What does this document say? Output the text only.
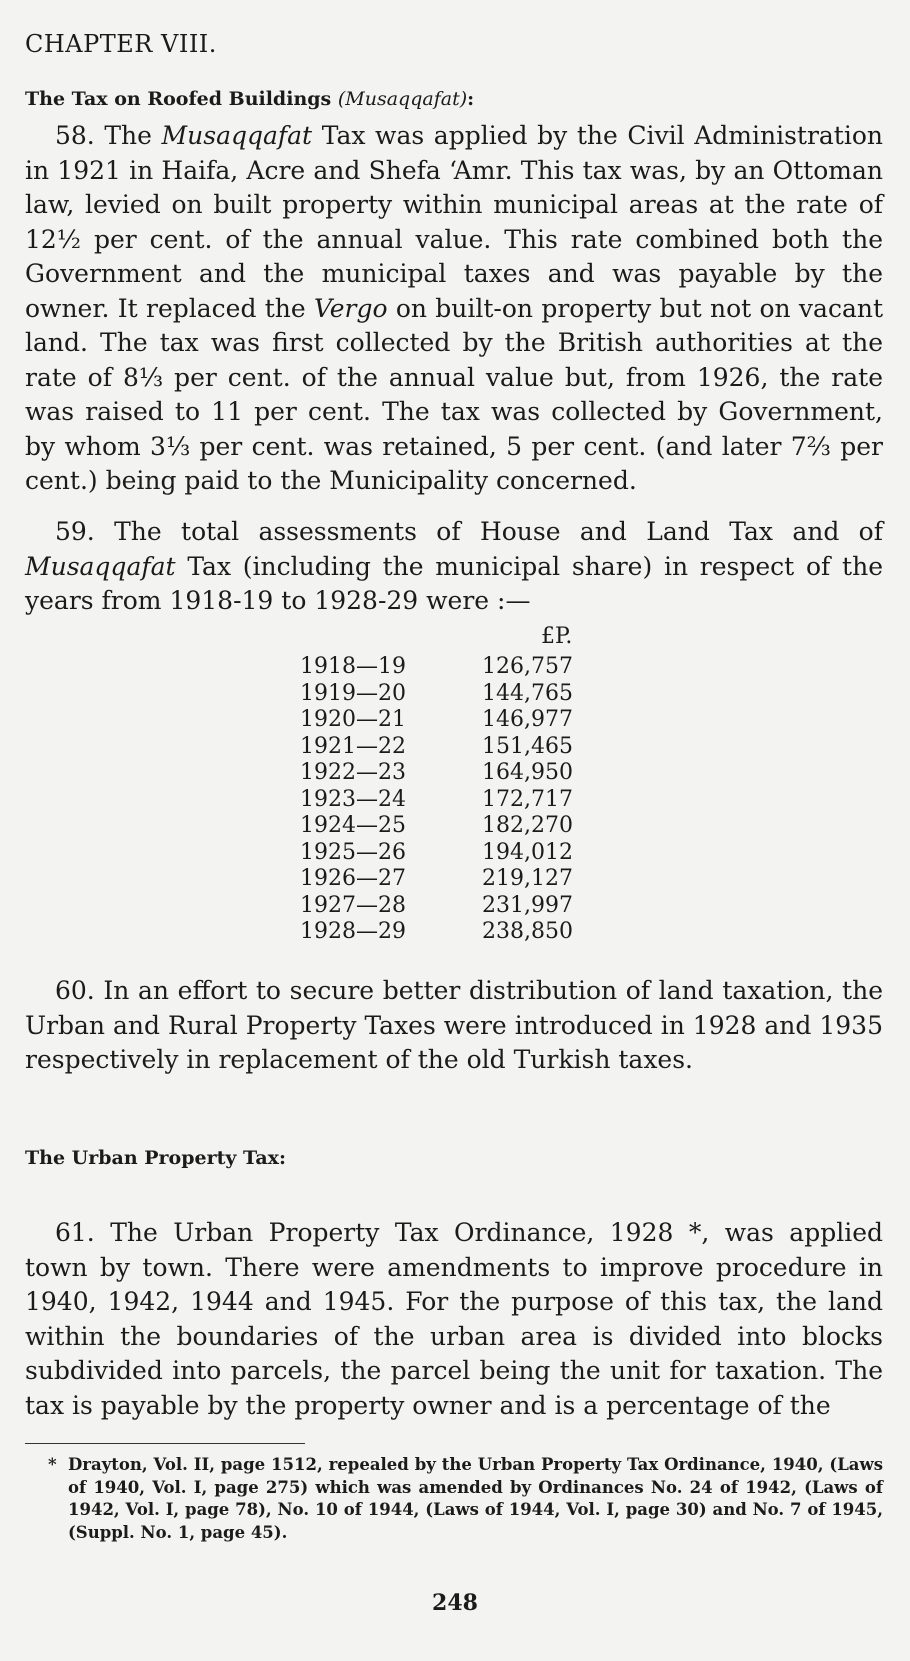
CHAPTER VIII.
The Tax on Roofed Buildings (Musaqqafat):
58. The Musaqqafat Tax was applied by the Civil Administration in 1921 in Haifa, Acre and Shefa ‘Amr. This tax was, by an Ottoman law, levied on built property within municipal areas at the rate of 12½ per cent. of the annual value. This rate combined both the Government and the municipal taxes and was payable by the owner. It replaced the Vergo on built-on property but not on vacant land. The tax was first collected by the British authorities at the rate of 8⅓ per cent. of the annual value but, from 1926, the rate was raised to 11 per cent. The tax was collected by Government, by whom 3⅓ per cent. was retained, 5 per cent. (and later 7⅔ per cent.) being paid to the Municipality concerned.
59. The total assessments of House and Land Tax and of Musaqqafat Tax (including the municipal share) in respect of the years from 1918-19 to 1928-29 were :—
£P.
1918—19	126,757
1919—20	144,765
1920—21	146,977
1921—22	151,465
1922—23	164,950
1923—24	172,717
1924—25	182,270
1925—26	194,012
1926—27	219,127
1927—28	231,997
1928—29	238,850
60. In an effort to secure better distribution of land taxation, the Urban and Rural Property Taxes were introduced in 1928 and 1935 respectively in replacement of the old Turkish taxes.
The Urban Property Tax:
61. The Urban Property Tax Ordinance, 1928 *, was applied town by town. There were amendments to improve procedure in 1940, 1942, 1944 and 1945. For the purpose of this tax, the land within the boundaries of the urban area is divided into blocks subdivided into parcels, the parcel being the unit for taxation. The tax is payable by the property owner and is a percentage of the
* Drayton, Vol. II, page 1512, repealed by the Urban Property Tax Ordinance, 1940, (Laws of 1940, Vol. I, page 275) which was amended by Ordinances No. 24 of 1942, (Laws of 1942, Vol. I, page 78), No. 10 of 1944, (Laws of 1944, Vol. I, page 30) and No. 7 of 1945, (Suppl. No. 1, page 45).
248
